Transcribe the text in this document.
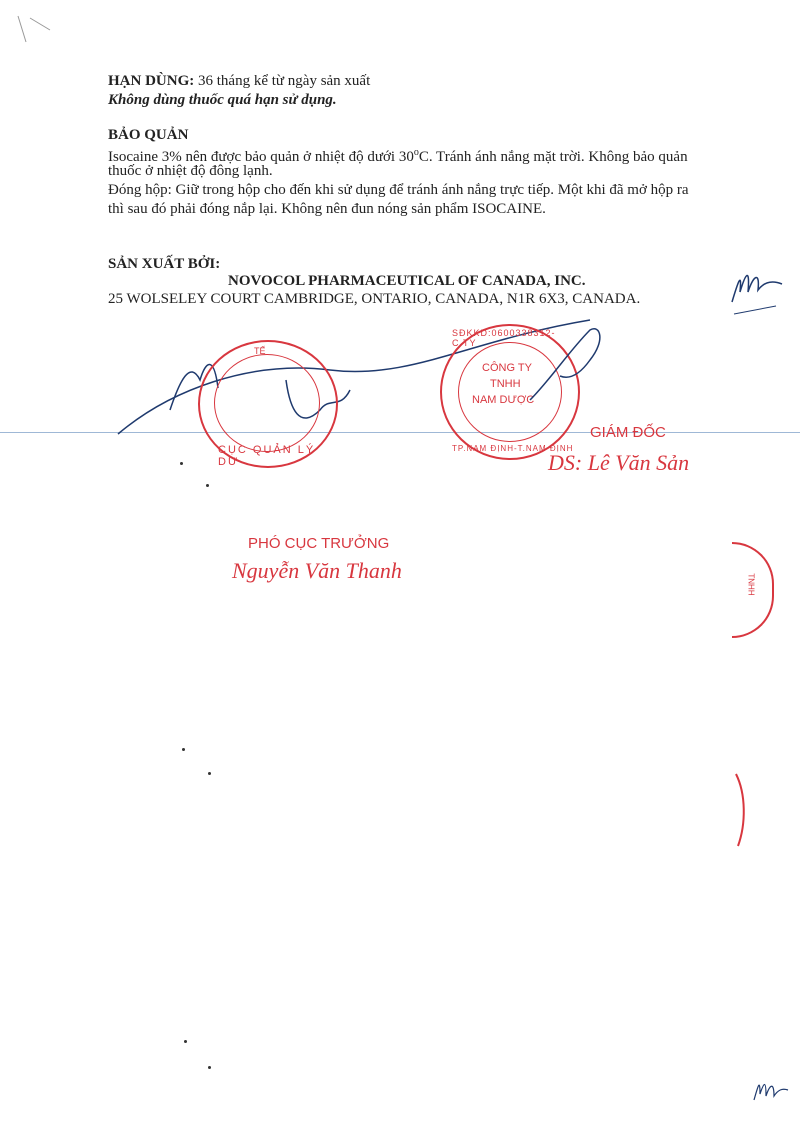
HẠN DÙNG: 36 tháng kể từ ngày sản xuất
Không dùng thuốc quá hạn sử dụng.
BẢO QUẢN
Isocaine 3% nên được bảo quản ở nhiệt độ dưới 30$^o$C. Tránh ánh nắng mặt trời. Không bảo quản
thuốc ở nhiệt độ đông lạnh.
Đóng hộp: Giữ trong hộp cho đến khi sử dụng để tránh ánh nắng trực tiếp. Một khi đã mở hộp ra
thì sau đó phải đóng nắp lại. Không nên đun nóng sản phẩm ISOCAINE.
SẢN XUẤT BỞI:
NOVOCOL PHARMACEUTICAL OF CANADA, INC.
25 WOLSELEY COURT CAMBRIDGE, ONTARIO, CANADA, N1R 6X3, CANADA.
TẾ
CỤC QUẢN LÝ DƯ
SĐKKD:0600338312-C.TY
TP.NAM ĐỊNH-T.NAM ĐỊNH
CÔNG TY
TNHH
NAM DƯỢC
GIÁM ĐỐC
DS: Lê Văn Sản
PHÓ CỤC TRƯỞNG
Nguyễn Văn Thanh
TNHH
